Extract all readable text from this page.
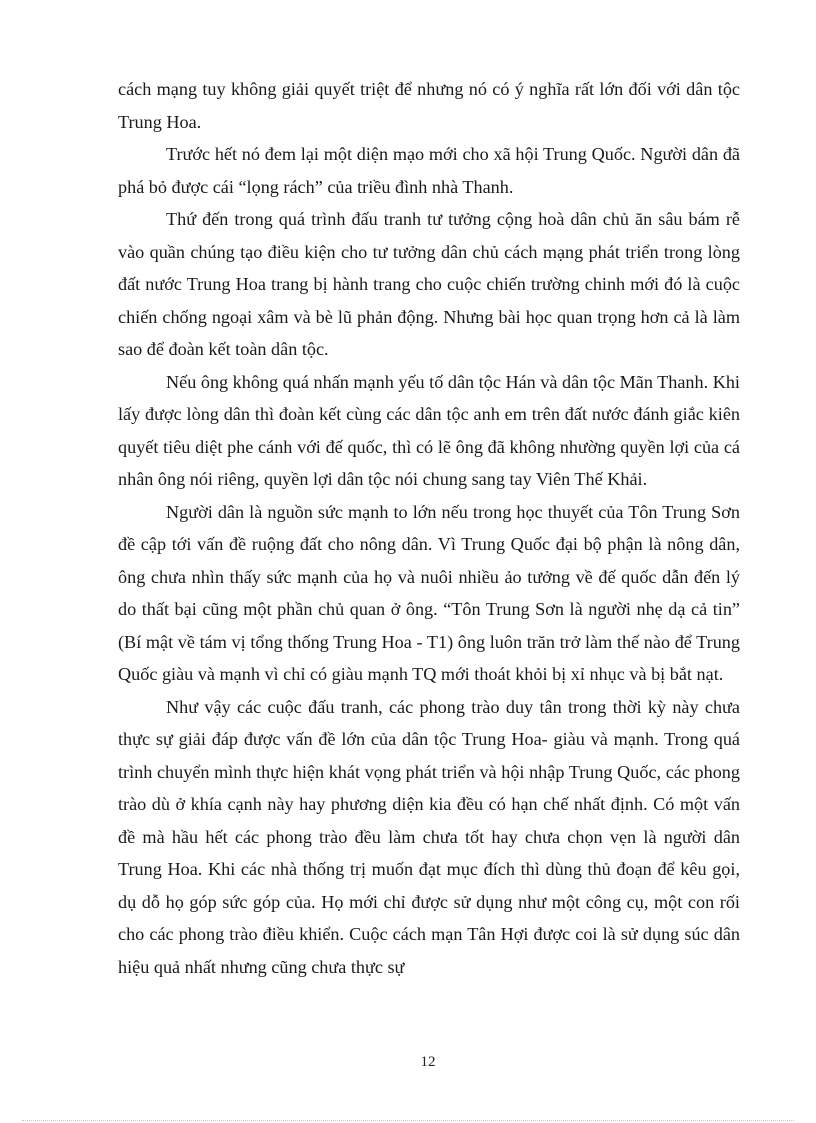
cách mạng tuy không giải quyết triệt để nhưng nó có ý nghĩa rất lớn đối với dân tộc Trung Hoa.

Trước hết nó đem lại một diện mạo mới cho xã hội Trung Quốc. Người dân đã phá bỏ được cái “lọng rách” của triều đình nhà Thanh.

Thứ đến trong quá trình đấu tranh tư tưởng cộng hoà dân chủ ăn sâu bám rễ vào quần chúng tạo điều kiện cho tư tưởng dân chủ cách mạng phát triển trong lòng đất nước Trung Hoa trang bị hành trang cho cuộc chiến trường chinh mới đó là cuộc chiến chống ngoại xâm và bè lũ phản động. Nhưng bài học quan trọng hơn cả là làm sao để đoàn kết toàn dân tộc.

Nếu ông không quá nhấn mạnh yếu tố dân tộc Hán và dân tộc Mãn Thanh. Khi lấy được lòng dân thì đoàn kết cùng các dân tộc anh em trên đất nước đánh giắc kiên quyết tiêu diệt phe cánh với đế quốc, thì có lẽ ông đã không nhường quyền lợi của cá nhân ông nói riêng, quyền lợi dân tộc nói chung sang tay Viên Thế Khải.

Người dân là nguồn sức mạnh to lớn nếu trong học thuyết của Tôn Trung Sơn đề cập tới vấn đề ruộng đất cho nông dân. Vì Trung Quốc đại bộ phận là nông dân, ông chưa nhìn thấy sức mạnh của họ và nuôi nhiều ảo tưởng về đế quốc dẫn đến lý do thất bại cũng một phần chủ quan ở ông. “Tôn Trung Sơn là người nhẹ dạ cả tin” (Bí mật về tám vị tổng thống Trung Hoa - T1) ông luôn trăn trở làm thế nào để Trung Quốc giàu và mạnh vì chỉ có giàu mạnh TQ mới thoát khỏi bị xỉ nhục và bị bắt nạt.

Như vậy các cuộc đấu tranh, các phong trào duy tân trong thời kỳ này chưa thực sự giải đáp được vấn đề lớn của dân tộc Trung Hoa- giàu và mạnh. Trong quá trình chuyển mình thực hiện khát vọng phát triển và hội nhập Trung Quốc, các phong trào dù ở khía cạnh này hay phương diện kia đều có hạn chế nhất định. Có một vấn đề mà hầu hết các phong trào đều làm chưa tốt hay chưa chọn vẹn là người dân Trung Hoa. Khi các nhà thống trị muốn đạt mục đích thì dùng thủ đoạn để kêu gọi, dụ dỗ họ góp sức góp của. Họ mới chỉ được sử dụng như một công cụ, một con rối cho các phong trào điều khiển. Cuộc cách mạn Tân Hợi được coi là sử dụng súc dân hiệu quả nhất nhưng cũng chưa thực sự

12
